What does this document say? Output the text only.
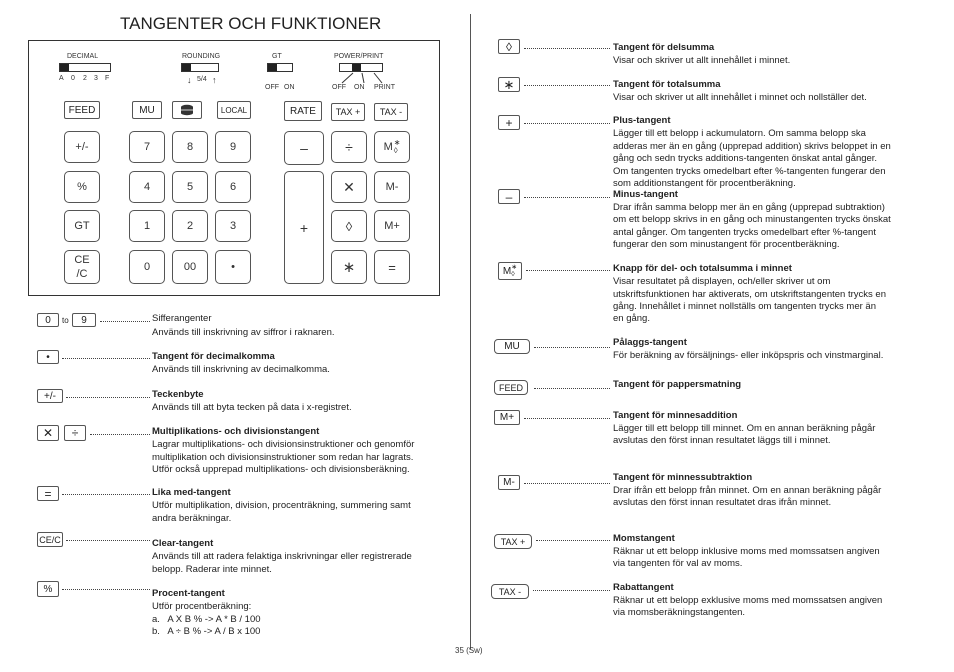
TANGENTER OCH FUNKTIONER
DECIMAL
A 0 2 3 F
ROUNDING
↓ 5/4 ↑
GT
OFF ON
POWER/PRINT
OFF ON PRINT
FEED	MU	LOCAL	RATE	TAX +	TAX -
+/-
%
GT
CE
/C
7	8	9
4	5	6
1	2	3
0	00	•
–
+
÷
✕
◊
∗
M ∗
◊
M-
M+
=
0	to	9	Sifferangenter
Används till inskrivning av siffror i raknaren.
•	Tangent för decimalkomma
Används till inskrivning av decimalkomma.
+/-	Teckenbyte
Används till att byta tecken på data i x-registret.
✕	÷	Multiplikations- och divisionstangent
Lagrar multiplikations- och divisionsinstruktioner och genomför
multiplikation och divisionsinstruktioner som redan har lagrats.
Utför också upprepad multiplikations- och divisionsberäkning.
=	Lika med-tangent
Utför multiplikation, division, procenträkning, summering samt
andra beräkningar.
CE/C	Clear-tangent
Används till att radera felaktiga inskrivningar eller registrerade
belopp. Raderar inte minnet.
%	Procent-tangent
Utför procentberäkning:
a.   A X B % -> A * B / 100
b.   A ÷ B % -> A / B x 100
◊	Tangent för delsumma
Visar och skriver ut allt innehållet i minnet.
∗	Tangent för totalsumma
Visar och skriver ut allt innehållet i minnet och nollställer det.
+	Plus-tangent
Lägger till ett belopp i ackumulatorn. Om samma belopp ska
adderas mer än en gång (upprepad addition) skrivs beloppet in en
gång och sedn trycks additions-tangenten önskat antal gånger.
Om tangenten trycks omedelbart efter %-tangenten fungerar den
som additionstangent för procentberäkning.
–	Minus-tangent
Drar ifrån samma belopp mer än en gång (upprepad subtraktion)
om ett belopp skrivs in en gång och minustangenten trycks önskat
antal gånger. Om tangenten trycks omedelbart efter %-tangent
fungerar den som minustangent för procentberäkning.
M ∗
◊
Knapp för del- och totalsumma i minnet
Visar resultatet på displayen, och/eller skriver ut om
utskriftsfunktionen har aktiverats, om utskriftstangenten trycks en
gång. Innehållet i minnet nollställs om tangenten trycks mer än
en gång.
MU	Pålaggs-tangent
För beräkning av försäljnings- eller inköpspris och vinstmarginal.
FEED	Tangent för pappersmatning
M+	Tangent för minnesaddition
Lägger till ett belopp till minnet. Om en annan beräkning pågår
avslutas den först innan resultatet läggs till i minnet.
M-	Tangent för minnessubtraktion
Drar ifrån ett belopp från minnet. Om en annan beräkning pågår
avslutas den först innan resultatet dras ifrån minnet.
TAX +	Momstangent
Räknar ut ett belopp inklusive moms med momssatsen angiven
via tangenten för val av moms.
TAX -	Rabattangent
Räknar ut ett belopp exklusive moms med momssatsen angiven
via momsberäkningstangenten.
35 (Sw)
